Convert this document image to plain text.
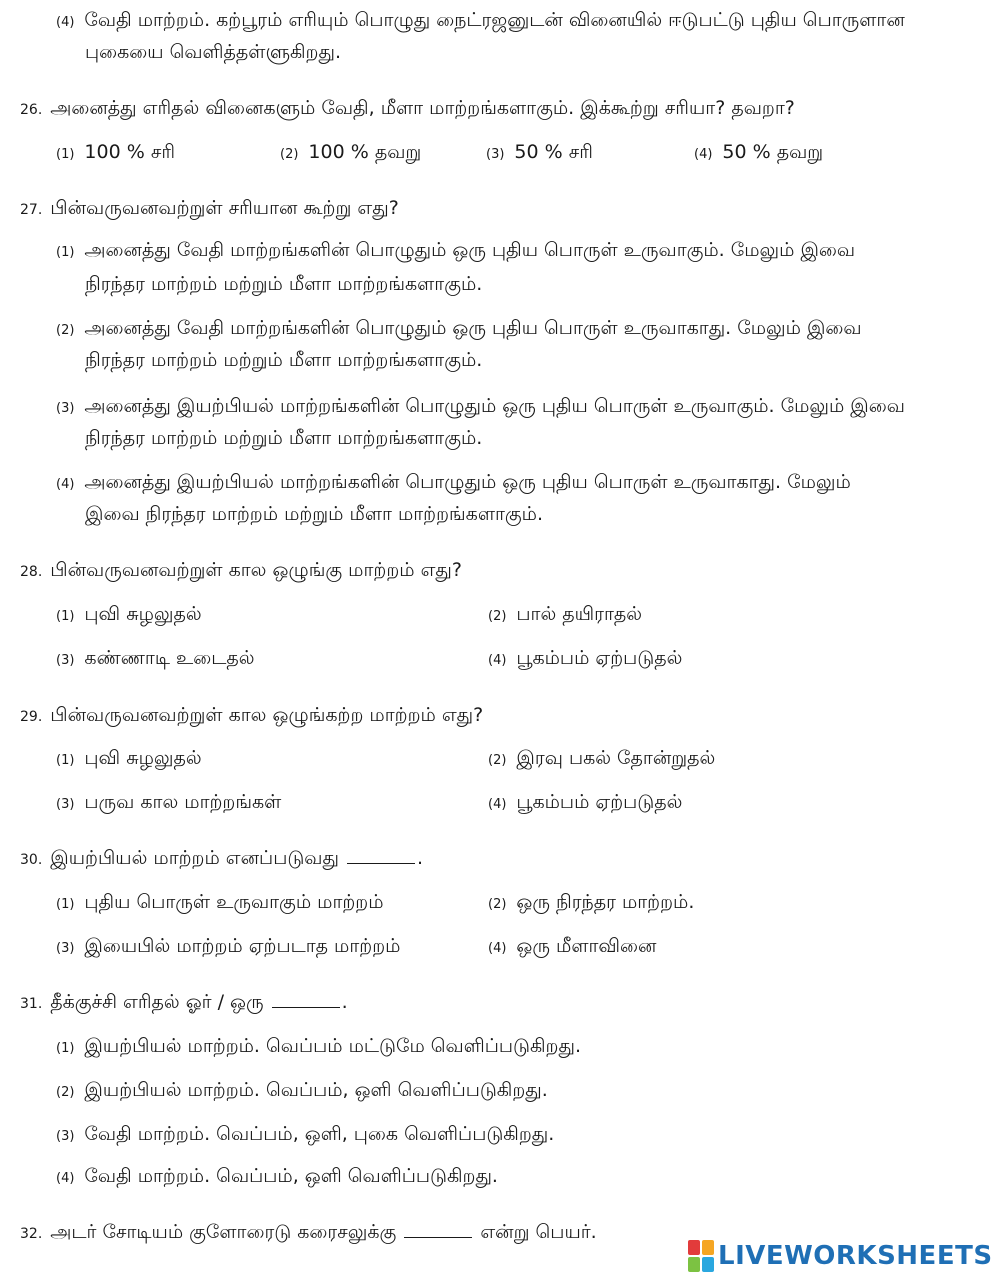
(4) வேதி மாற்றம். கற்பூரம் எரியும் பொழுது நைட்ரஜனுடன் வினையில் ஈடுபட்டு புதிய பொருளான
புகையை வெளித்தள்ளுகிறது.
26. அனைத்து எரிதல் வினைகளும் வேதி, மீளா மாற்றங்களாகும். இக்கூற்று சரியா? தவறா?
(1) 100 % சரி	(2) 100 % தவறு	(3) 50 % சரி	(4) 50 % தவறு
27. பின்வருவனவற்றுள் சரியான கூற்று எது?
(1) அனைத்து வேதி மாற்றங்களின் பொழுதும் ஒரு புதிய பொருள் உருவாகும். மேலும் இவை
நிரந்தர மாற்றம் மற்றும் மீளா மாற்றங்களாகும்.
(2) அனைத்து வேதி மாற்றங்களின் பொழுதும் ஒரு புதிய பொருள் உருவாகாது. மேலும் இவை
நிரந்தர மாற்றம் மற்றும் மீளா மாற்றங்களாகும்.
(3) அனைத்து இயற்பியல் மாற்றங்களின் பொழுதும் ஒரு புதிய பொருள் உருவாகும். மேலும் இவை
நிரந்தர மாற்றம் மற்றும் மீளா மாற்றங்களாகும்.
(4) அனைத்து இயற்பியல் மாற்றங்களின் பொழுதும் ஒரு புதிய பொருள் உருவாகாது. மேலும்
இவை நிரந்தர மாற்றம் மற்றும் மீளா மாற்றங்களாகும்.
28. பின்வருவனவற்றுள் கால ஒழுங்கு மாற்றம் எது?
(1) புவி சுழலுதல்	(2) பால் தயிராதல்
(3) கண்ணாடி உடைதல்	(4) பூகம்பம் ஏற்படுதல்
29. பின்வருவனவற்றுள் கால ஒழுங்கற்ற மாற்றம் எது?
(1) புவி சுழலுதல்	(2) இரவு பகல் தோன்றுதல்
(3) பருவ கால மாற்றங்கள்	(4) பூகம்பம் ஏற்படுதல்
30. இயற்பியல் மாற்றம் எனப்படுவது	.
(1) புதிய பொருள் உருவாகும் மாற்றம்	(2) ஒரு நிரந்தர மாற்றம்.
(3) இயைபில் மாற்றம் ஏற்படாத மாற்றம்	(4) ஒரு மீளாவினை
31. தீக்குச்சி எரிதல் ஓர் / ஒரு	.
(1) இயற்பியல் மாற்றம். வெப்பம் மட்டுமே வெளிப்படுகிறது.
(2) இயற்பியல் மாற்றம். வெப்பம், ஒளி வெளிப்படுகிறது.
(3) வேதி மாற்றம். வெப்பம், ஒளி, புகை வெளிப்படுகிறது.
(4) வேதி மாற்றம். வெப்பம், ஒளி வெளிப்படுகிறது.
32. அடர் சோடியம் குளோரைடு கரைசலுக்கு	என்று பெயர்.
LIVEWORKSHEETS
